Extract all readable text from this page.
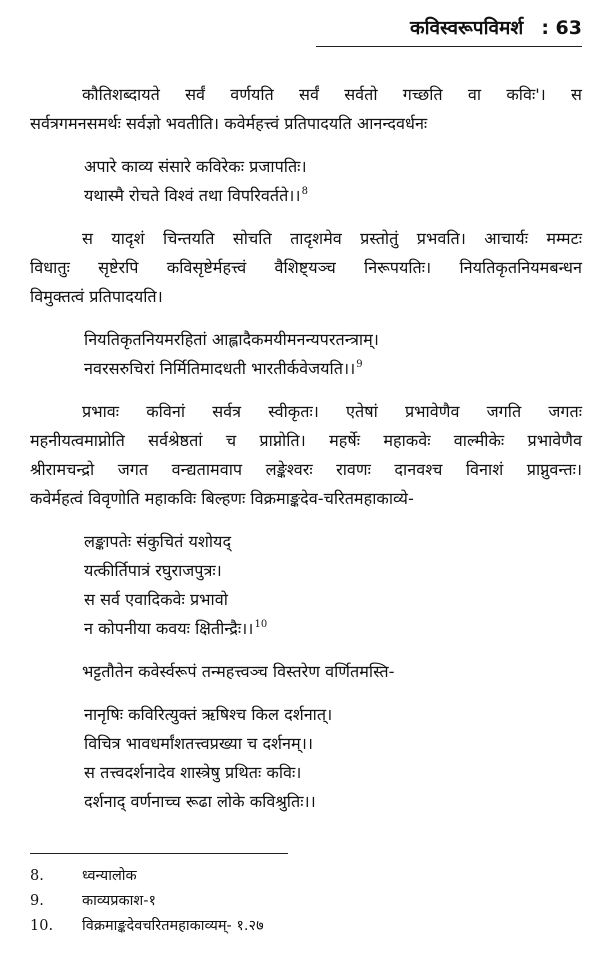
कविस्वरूपविमर्श : 63
कौतिशब्दायते सर्वं वर्णयति सर्वं सर्वतो गच्छति वा कविः'। स
सर्वत्रगमनसमर्थः सर्वज्ञो भवतीति। कवेर्महत्त्वं प्रतिपादयति आनन्दवर्धनः
अपारे काव्य संसारे कविरेकः प्रजापतिः।
यथास्मै रोचते विश्वं तथा विपरिवर्तते।।$^8$
स यादृशं चिन्तयति सोचति तादृशमेव प्रस्तोतुं प्रभवति। आचार्यः मम्मटः
विधातुः सृष्टेरपि कविसृष्टेर्महत्त्वं वैशिष्ट्यञ्च निरूपयतिः। नियतिकृतनियमबन्धन
विमुक्तत्वं प्रतिपादयति।
नियतिकृतनियमरहितां आह्लादैकमयीमनन्यपरतन्त्राम्।
नवरसरुचिरां निर्मितिमादधती भारतीर्कवेजयति।।$^9$
प्रभावः कविनां सर्वत्र स्वीकृतः। एतेषां प्रभावेणैव जगति जगतः
महनीयत्वमाप्नोति सर्वश्रेष्ठतां च प्राप्नोति। महर्षेः महाकवेः वाल्मीकेः प्रभावेणैव
श्रीरामचन्द्रो जगत वन्द्यतामवाप लङ्केश्वरः रावणः दानवश्च विनाशं प्राप्नुवन्तः।
कवेर्महत्वं विवृणोति महाकविः बिल्हणः विक्रमाङ्कदेव-चरितमहाकाव्ये-
लङ्कापतेः संकुचितं यशोयद्
यत्कीर्तिपात्रं रघुराजपुत्रः।
स सर्व एवादिकवेः प्रभावो
न कोपनीया कवयः क्षितीन्द्रैः।।$^{10}$
भट्टतौतेन कवेर्स्वरूपं तन्महत्त्वञ्च विस्तरेण वर्णितमस्ति-
नानृषिः कविरित्युक्तं ऋषिश्च किल दर्शनात्।
विचित्र भावधर्मांशतत्त्वप्रख्या च दर्शनम्।।
स तत्त्वदर्शनादेव शास्त्रेषु प्रथितः कविः।
दर्शनाद् वर्णनाच्च रूढा लोके कविश्रुतिः।।
8.	ध्वन्यालोक
9.	काव्यप्रकाश-१
10. विक्रमाङ्कदेवचरितमहाकाव्यम्- १.२७
